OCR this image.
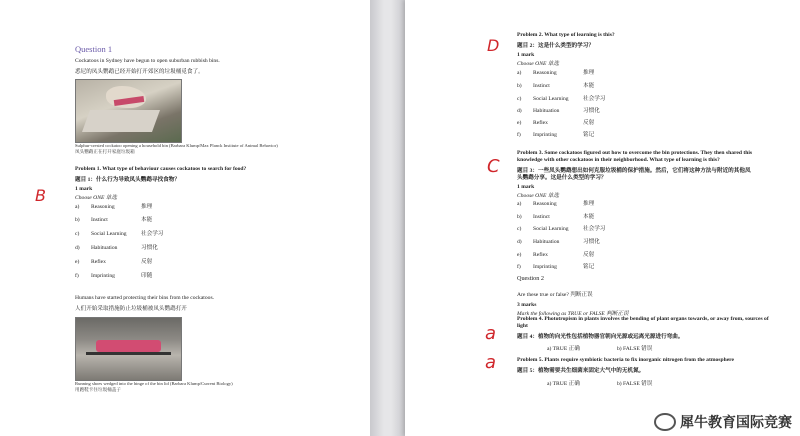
Question 1
Cockatoos in Sydney have begun to open suburban rubbish bins.
悉尼的凤头鹦鹉已经开始打开郊区的垃圾桶觅食了。
Sulphur-crested cockatoo opening a household bin (Barbara Klump/Max Planck Institute of Animal Behavior)
凤头鹦鹉正在打开家庭垃圾箱
Problem 1. What type of behaviour causes cockatoos to search for food?
题目 1：什么行为导致凤头鹦鹉寻找食物？
1 mark
Choose ONE 单选
B
a) Reasoning	推理
b) Instinct	本能
c) Social Learning	社会学习
d) Habituation	习惯化
e) Reflex	反射
f) Imprinting	印随
Humans have started protecting their bins from the cockatoos.
人们开始采取措施防止垃圾桶被凤头鹦鹉打开
Running shoes wedged into the hinge of the bin lid (Barbara Klump/Current Biology)
用跑鞋卡住垃圾桶盖子
D
Problem 2. What type of learning is this?
题目 2：这是什么类型的学习？
1 mark
Choose ONE 单选
a) Reasoning	推理
b) Instinct	本能
c) Social Learning	社会学习
d) Habituation	习惯化
e) Reflex	反射
f) Imprinting	铭记
C
Problem 3. Some cockatoos figured out how to overcome the bin protections. They then shared this
knowledge with other cockatoos in their neighborhood. What type of learning is this?
题目 3：一些凤头鹦鹉想出如何克服垃圾桶的保护措施。然后，它们将这种方法与附近的其他凤
头鹦鹉分享。这是什么类型的学习？
1 mark
Choose ONE 单选
a) Reasoning	推理
b) Instinct	本能
c) Social Learning	社会学习
d) Habituation	习惯化
e) Reflex	反射
f) Imprinting	铭记
Question 2
Are these true or false? 判断正误
3 marks
Mark the following as TRUE or FALSE 判断正误
Problem 4. Phototropism in plants involves the bending of plant organs towards, or away from, sources of
light
题目 4：植物的向光性包括植物器官朝向光源或远离光源进行弯曲。
a
a) TRUE 正确	b) FALSE 错误
Problem 5. Plants require symbiotic bacteria to fix inorganic nitrogen from the atmosphere
题目 5：植物需要共生细菌来固定大气中的无机氮。
a
a) TRUE 正确	b) FALSE 错误
犀牛教育国际竞赛
